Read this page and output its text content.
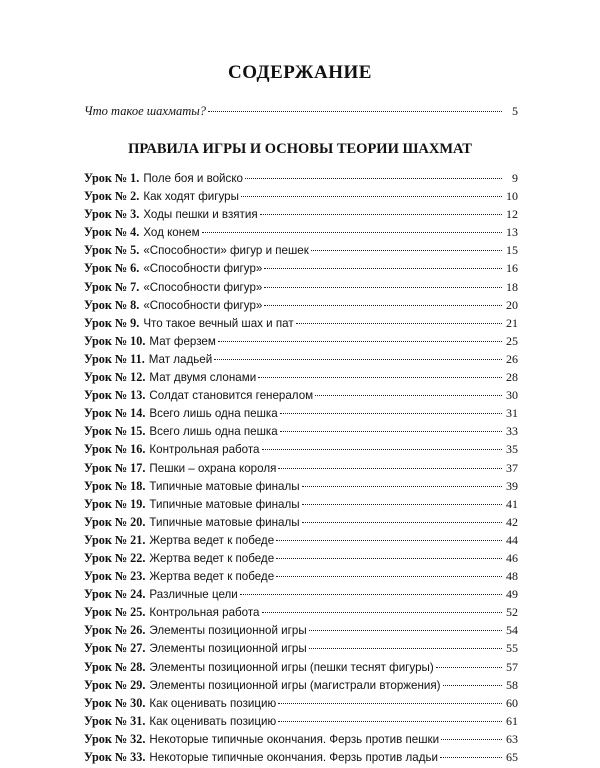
СОДЕРЖАНИЕ
Что такое шахматы?	5
ПРАВИЛА ИГРЫ И ОСНОВЫ ТЕОРИИ ШАХМАТ
Урок № 1. Поле боя и войско	9
Урок № 2. Как ходят фигуры	10
Урок № 3. Ходы пешки и взятия	12
Урок № 4. Ход конем	13
Урок № 5. «Способности» фигур и пешек	15
Урок № 6. «Способности фигур»	16
Урок № 7. «Способности фигур»	18
Урок № 8. «Способности фигур»	20
Урок № 9. Что такое вечный шах и пат	21
Урок № 10. Мат ферзем	25
Урок № 11. Мат ладьей	26
Урок № 12. Мат двумя слонами	28
Урок № 13. Солдат становится генералом	30
Урок № 14. Всего лишь одна пешка	31
Урок № 15. Всего лишь одна пешка	33
Урок № 16. Контрольная работа	35
Урок № 17. Пешки – охрана короля	37
Урок № 18. Типичные матовые финалы	39
Урок № 19. Типичные матовые финалы	41
Урок № 20. Типичные матовые финалы	42
Урок № 21. Жертва ведет к победе	44
Урок № 22. Жертва ведет к победе	46
Урок № 23. Жертва ведет к победе	48
Урок № 24. Различные цели	49
Урок № 25. Контрольная работа	52
Урок № 26. Элементы позиционной игры	54
Урок № 27. Элементы позиционной игры	55
Урок № 28. Элементы позиционной игры (пешки теснят фигуры)	57
Урок № 29. Элементы позиционной игры (магистрали вторжения)	58
Урок № 30. Как оценивать позицию	60
Урок № 31. Как оценивать позицию	61
Урок № 32. Некоторые типичные окончания. Ферзь против пешки	63
Урок № 33. Некоторые типичные окончания. Ферзь против ладьи	65
